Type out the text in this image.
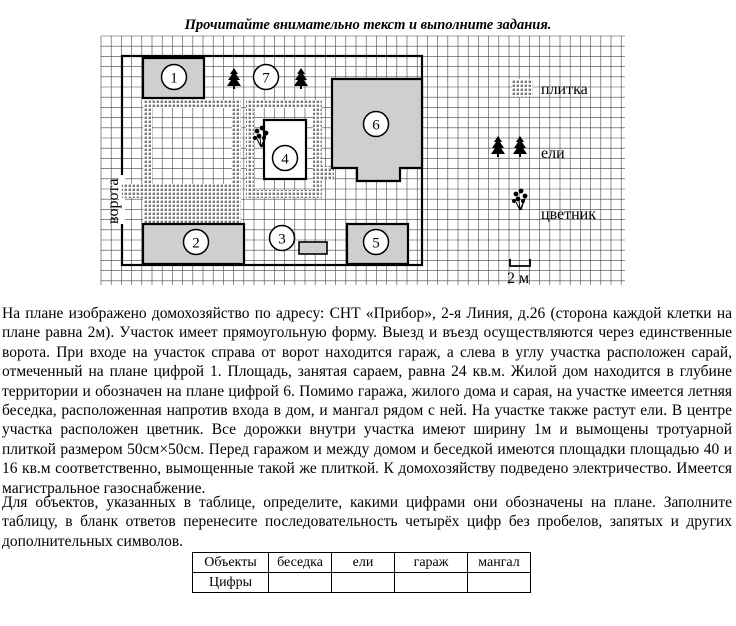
Прочитайте внимательно текст и выполните задания.
1
2	3
4
5
6
7
ворота
плитка
ели
цветник
2 м

На плане изображено домохозяйство по адресу: СНТ «Прибор», 2-я Линия, д.26 (сторона каждой клетки на плане равна 2м). Участок имеет прямоугольную форму. Выезд и въезд осуществляются через единственные ворота. При входе на участок справа от ворот находится гараж, а слева в углу участка расположен сарай, отмеченный на плане цифрой 1. Площадь, занятая сараем, равна 24 кв.м. Жилой дом находится в глубине территории и обозначен на плане цифрой 6. Помимо гаража, жилого дома и сарая, на участке имеется летняя беседка, расположенная напротив входа в дом, и мангал рядом с ней. На участке также растут ели. В центре участка расположен цветник. Все дорожки внутри участка имеют ширину 1м и вымощены тротуарной плиткой размером 50см×50см. Перед гаражом и между домом и беседкой имеются площадки площадью 40 и 16 кв.м соответственно, вымощенные такой же плиткой. К домохозяйству подведено электричество. Имеется магистральное газоснабжение.

Для объектов, указанных в таблице, определите, какими цифрами они обозначены на плане. Заполните таблицу, в бланк ответов перенесите последовательность четырёх цифр без пробелов, запятых и других дополнительных символов.

Объекты	беседка	ели	гараж	мангал
Цифры				
